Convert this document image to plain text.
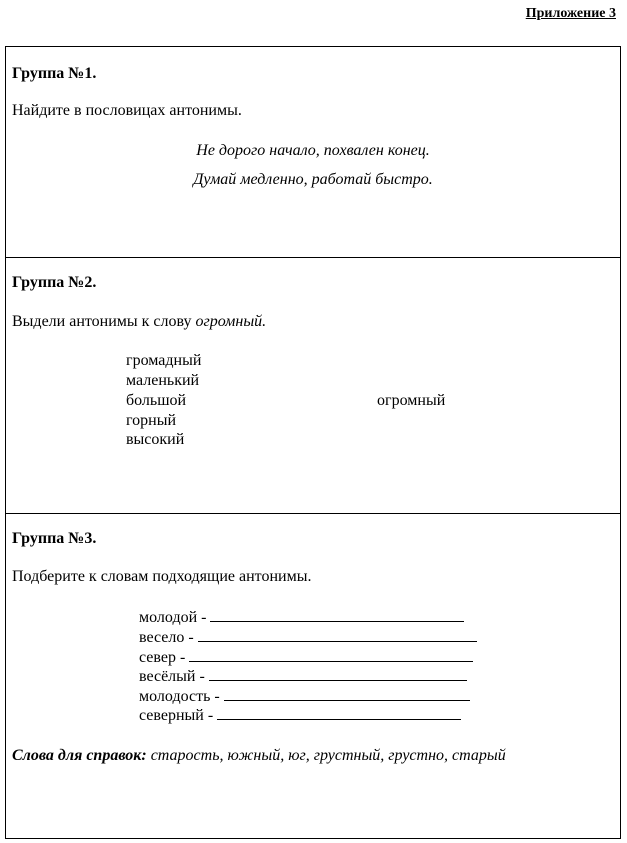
Приложение 3
Группа №1.
Найдите в пословицах антонимы.
Не дорого начало, похвален конец.
Думай медленно, работай быстро.
Группа №2.
Выдели антонимы к слову огромный.
громадный
маленький
большой
горный
высокий
огромный
Группа №3.
Подберите к словам подходящие антонимы.
молодой -
весело -
север -
весёлый -
молодость -
северный -
Слова для справок: старость, южный, юг, грустный, грустно, старый
